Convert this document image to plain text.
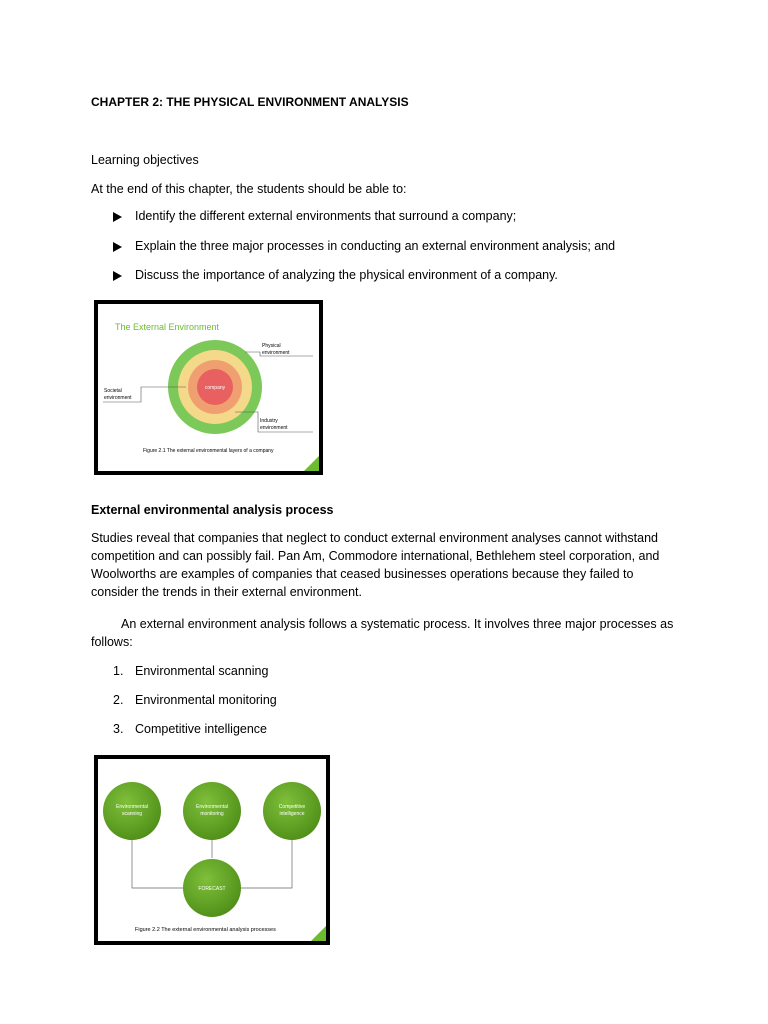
CHAPTER 2: THE PHYSICAL ENVIRONMENT ANALYSIS

Learning objectives

At the end of this chapter, the students should be able to:

Identify the different external environments that surround a company;
Explain the three major processes in conducting an external environment analysis; and
Discuss the importance of analyzing the physical environment of a company.
The External Environment
company
Physical
environment
Societal
environment
Industry
environment
Figure 2.1 The external environmental layers of a company

External environmental analysis process

Studies reveal that companies that neglect to conduct external environment analyses cannot withstand
competition and can possibly fail. Pan Am, Commodore international, Bethlehem steel corporation, and
Woolworths are examples of companies that ceased businesses operations because they failed to
consider the trends in their external environment.
An external environment analysis follows a systematic process. It involves three major processes as
follows:
1. Environmental scanning
2. Environmental monitoring
3. Competitive intelligence
Environmental
scanning
Environmental
monitoring
Competitive
intelligence
FORECAST
Figure 2.2 The external environmental analysis processes
